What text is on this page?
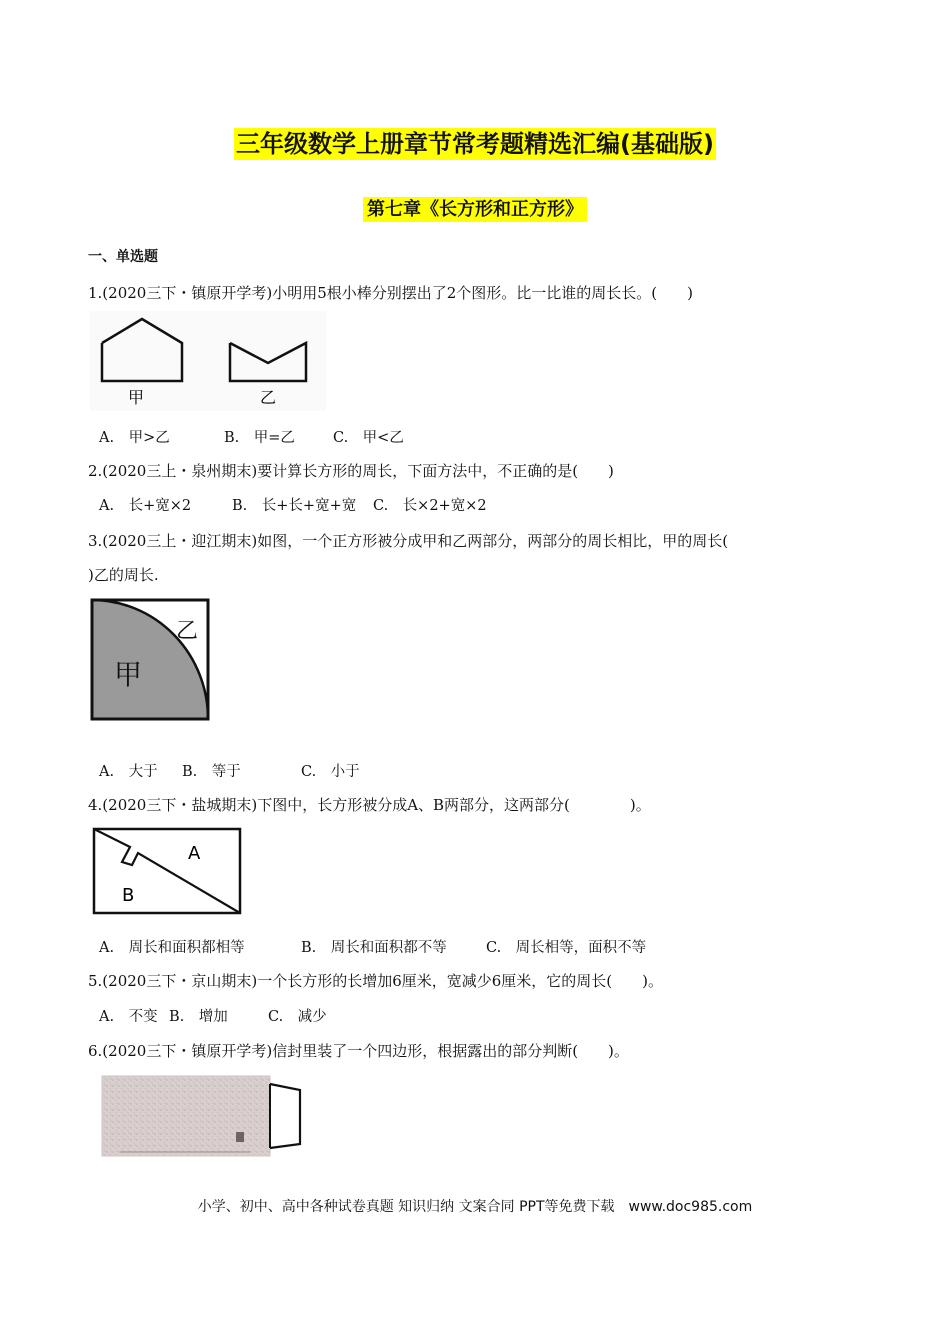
三年级数学上册章节常考题精选汇编(基础版)
第七章《长方形和正方形》
一、单选题
1.(2020三下・镇原开学考)小明用5根小棒分别摆出了2个图形。比一比谁的周长长。(　　)
甲	乙
A.　甲>乙	B.　甲=乙	C.　甲<乙
2.(2020三上・泉州期末)要计算长方形的周长，下面方法中，不正确的是(　　)
A.　长+宽×2	B.　长+长+宽+宽 C.　长×2+宽×2
3.(2020三上・迎江期末)如图，一个正方形被分成甲和乙两部分，两部分的周长相比，甲的周长(
)乙的周长.
甲
乙
A.　大于 B.　等于	C.　小于
4.(2020三下・盐城期末)下图中，长方形被分成A、B两部分，这两部分(　　　　)。
A
B
A.　周长和面积都相等	B.　周长和面积都不等	C.　周长相等，面积不等
5.(2020三下・京山期末)一个长方形的长增加6厘米，宽减少6厘米，它的周长(　　)。
A.　不变 B.　增加	C.　减少
6.(2020三下・镇原开学考)信封里装了一个四边形，根据露出的部分判断(　　)。
小学、初中、高中各种试卷真题 知识归纳 文案合同 PPT等免费下载　www.doc985.com
